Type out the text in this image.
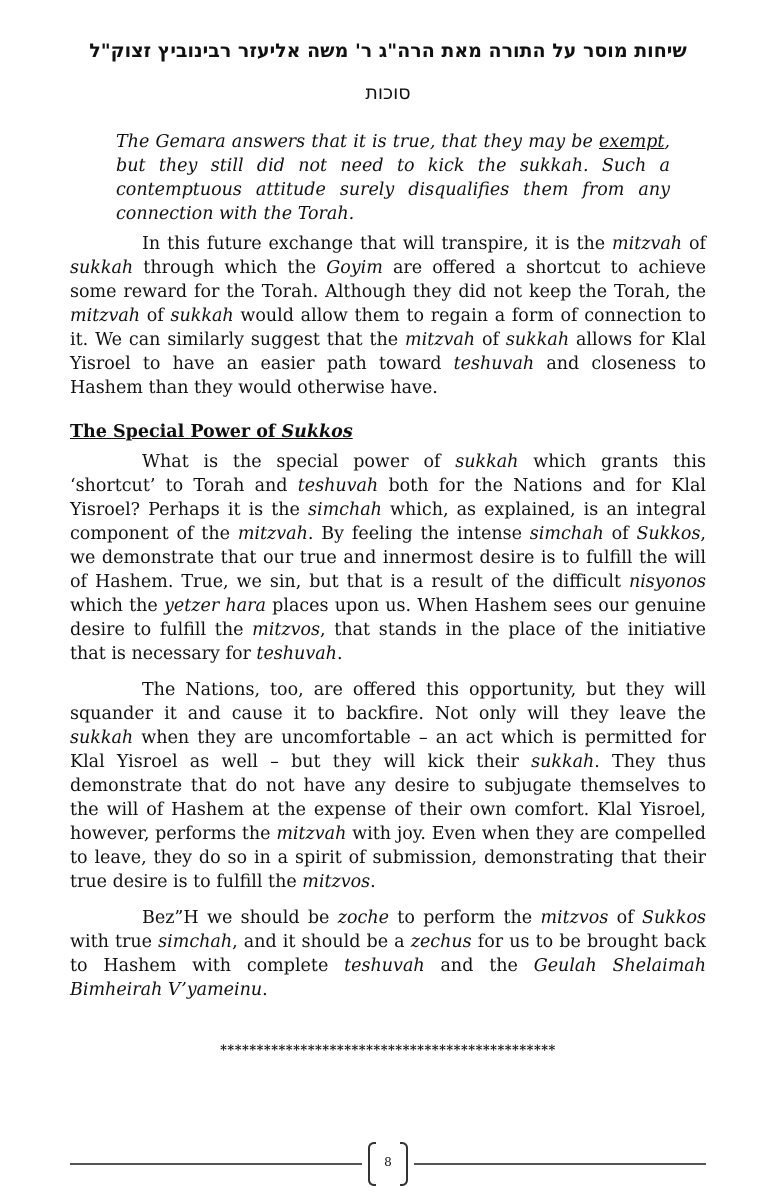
שיחות מוסר על התורה מאת הרה"ג ר' משה אליעזר רבינוביץ זצוק"ל
סוכות

The Gemara answers that it is true, that they may be exempt, but they still did not need to kick the sukkah. Such a contemptuous attitude surely disqualifies them from any connection with the Torah.

In this future exchange that will transpire, it is the mitzvah of sukkah through which the Goyim are offered a shortcut to achieve some reward for the Torah. Although they did not keep the Torah, the mitzvah of sukkah would allow them to regain a form of connection to it. We can similarly suggest that the mitzvah of sukkah allows for Klal Yisroel to have an easier path toward teshuvah and closeness to Hashem than they would otherwise have.

The Special Power of Sukkos

What is the special power of sukkah which grants this ‘shortcut’ to Torah and teshuvah both for the Nations and for Klal Yisroel? Perhaps it is the simchah which, as explained, is an integral component of the mitzvah. By feeling the intense simchah of Sukkos, we demonstrate that our true and innermost desire is to fulfill the will of Hashem. True, we sin, but that is a result of the difficult nisyonos which the yetzer hara places upon us. When Hashem sees our genuine desire to fulfill the mitzvos, that stands in the place of the initiative that is necessary for teshuvah.

The Nations, too, are offered this opportunity, but they will squander it and cause it to backfire. Not only will they leave the sukkah when they are uncomfortable – an act which is permitted for Klal Yisroel as well – but they will kick their sukkah. They thus demonstrate that do not have any desire to subjugate themselves to the will of Hashem at the expense of their own comfort. Klal Yisroel, however, performs the mitzvah with joy. Even when they are compelled to leave, they do so in a spirit of submission, demonstrating that their true desire is to fulfill the mitzvos.

Bez”H we should be zoche to perform the mitzvos of Sukkos with true simchah, and it should be a zechus for us to be brought back to Hashem with complete teshuvah and the Geulah Shelaimah Bimheirah V’yameinu.

**********************************************
8
